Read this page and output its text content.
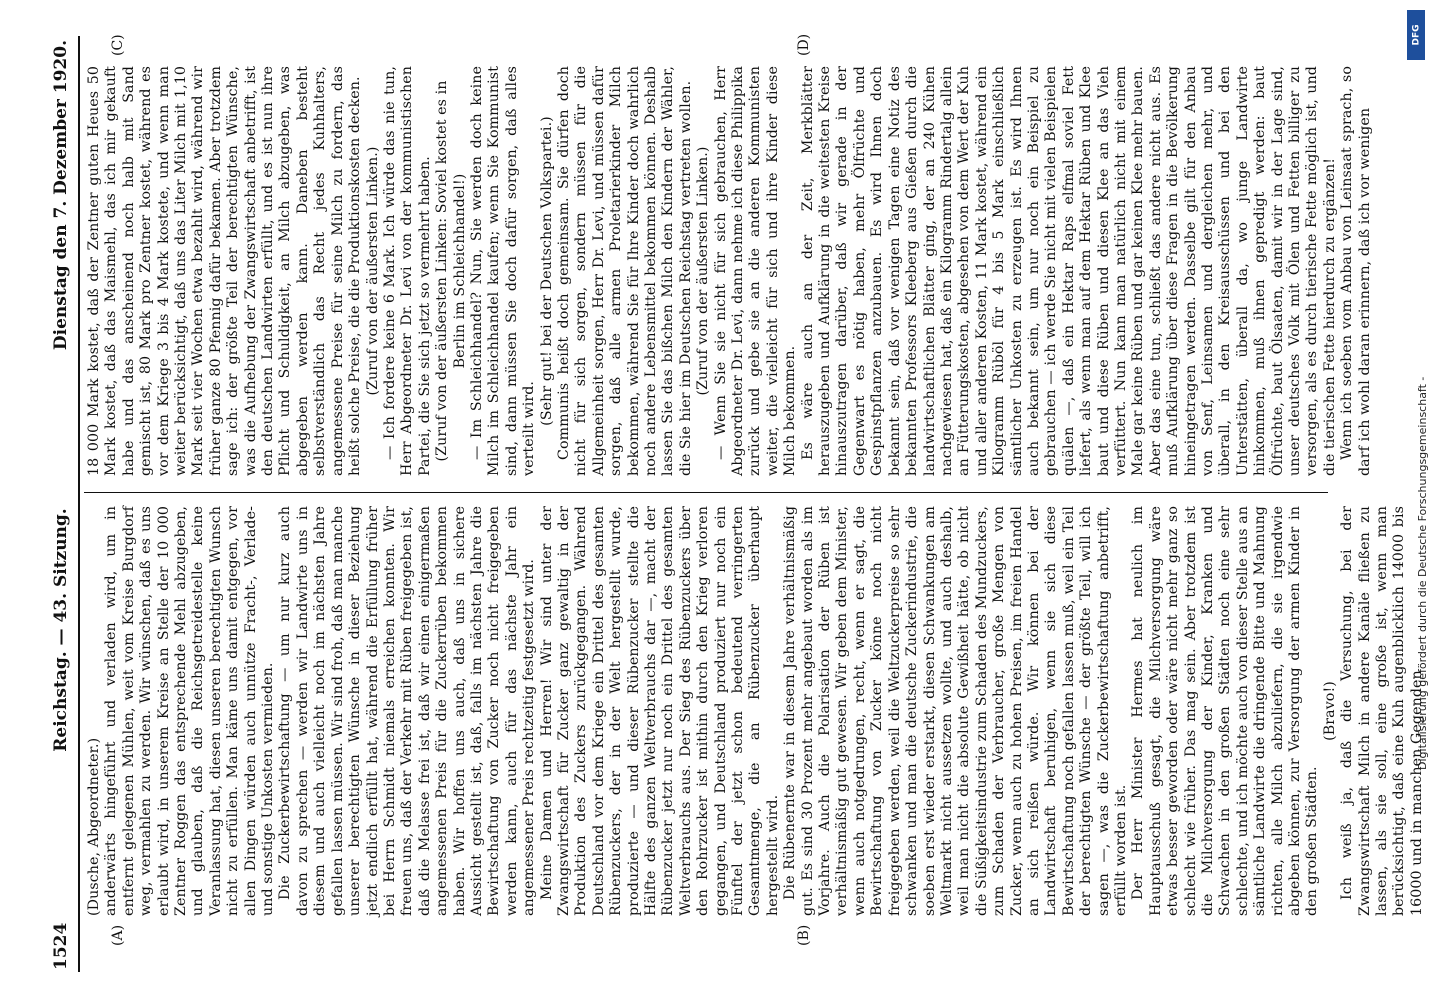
1524
Reichstag. — 43. Sitzung.
Dienstag den 7. Dezember 1920.
(A)	(B)
(C)	(D)

(Dusche, Abgeordneter.) anderwärts hingeführt und verladen wird, um in entfernt gelegenen Mühlen, weit vom Kreise Burgdorf weg, vermahlen zu werden. Wir wünschen, daß es uns erlaubt wird, in unserem Kreise an Stelle der 10 000 Zentner Roggen das entsprechende Mehl abzugeben, und glauben, daß die Reichsgetreidestelle keine Veranlassung hat, diesen unseren berechtigten Wunsch nicht zu erfüllen. Man käme uns damit entgegen, vor allen Dingen würden auch unnütze Fracht-, Verlade- und sonstige Unkosten vermieden. Die Zuckerbewirtschaftung — um nur kurz auch davon zu sprechen — werden wir Landwirte uns in diesem und auch vielleicht noch im nächsten Jahre gefallen lassen müssen. Wir sind froh, daß man manche unserer berechtigten Wünsche in dieser Beziehung jetzt endlich erfüllt hat, während die Erfüllung früher bei Herrn Schmidt niemals erreichen konnten. Wir freuen uns, daß der Verkehr mit Rüben freigegeben ist, daß die Melasse frei ist, daß wir einen einigermaßen angemessenen Preis für die Zuckerrüben bekommen haben. Wir hoffen uns auch, daß uns in sichere Aussicht gestellt ist, daß, falls im nächsten Jahre die Bewirtschaftung von Zucker noch nicht freigegeben werden kann, auch für das nächste Jahr ein angemessener Preis rechtzeitig festgesetzt wird. Meine Damen und Herren! Wir sind unter der Zwangswirtschaft für Zucker ganz gewaltig in der Produktion des Zuckers zurückgegangen. Während Deutschland vor dem Kriege ein Drittel des gesamten Rübenzuckers, der in der Welt hergestellt wurde, produzierte — und dieser Rübenzucker stellte die Hälfte des ganzen Weltverbrauchs dar —, macht der Rübenzucker jetzt nur noch ein Drittel des gesamten Weltverbrauchs aus. Der Sieg des Rübenzuckers über den Rohrzucker ist mithin durch den Krieg verloren gegangen, und Deutschland produziert nur noch ein Fünftel der jetzt schon bedeutend verringerten Gesamtmenge, die an Rübenzucker überhaupt hergestellt wird. Die Rübenernte war in diesem Jahre verhältnismäßig gut. Es sind 30 Prozent mehr angebaut worden als im Vorjahre. Auch die Polarisation der Rüben ist verhältnismäßig gut gewesen. Wir geben dem Minister, wenn auch notgedrungen, recht, wenn er sagt, die Bewirtschaftung von Zucker könne noch nicht freigegeben werden, weil die Weltzuckerpreise so sehr schwanken und man die deutsche Zuckerindustrie, die soeben erst wieder erstarkt, diesen Schwankungen am Weltmarkt nicht aussetzen wollte, und auch deshalb, weil man nicht die absolute Gewißheit hätte, ob nicht die Süßigkeitsindustrie zum Schaden des Mundzuckers, zum Schaden der Verbraucher, große Mengen von Zucker, wenn auch zu hohen Preisen, im freien Handel an sich reißen würde. Wir können bei der Landwirtschaft beruhigen, wenn sie sich diese Bewirtschaftung noch gefallen lassen muß, weil ein Teil der berechtigten Wünsche — der größte Teil, will ich sagen —, was die Zuckerbewirtschaftung anbetrifft, erfüllt worden ist. Der Herr Minister Hermes hat neulich im Hauptausschuß gesagt, die Milchversorgung wäre etwas besser geworden oder wäre nicht mehr ganz so schlecht wie früher. Das mag sein. Aber trotzdem ist die Milchversorgung der Kinder, Kranken und Schwachen in den großen Städten noch eine sehr schlechte, und ich möchte auch von dieser Stelle aus an sämtliche Landwirte die dringende Bitte und Mahnung richten, alle Milch abzuliefern, die sie irgendwie abgeben können, zur Versorgung der armen Kinder in den großen Städten.

(Bravo!) Ich weiß ja, daß die Versuchung, bei der Zwangswirtschaft Milch in andere Kanäle fließen zu lassen, als sie soll, eine große ist, wenn man berücksichtigt, daß eine Kuh augenblicklich 14000 bis 16000 und in manchen Gegenden

18 000 Mark kostet, daß der Zentner guten Heues 50 Mark kostet, daß das Maismehl, das ich mir gekauft habe und das anscheinend noch halb mit Sand gemischt ist, 80 Mark pro Zentner kostet, während es vor dem Kriege 3 bis 4 Mark kostete, und wenn man weiter berücksichtigt, daß uns das Liter Milch mit 1,10 Mark seit vier Wochen etwa bezahlt wird, während wir früher ganze 80 Pfennig dafür bekamen. Aber trotzdem sage ich: der größte Teil der berechtigten Wünsche, was die Aufhebung der Zwangswirtschaft anbetrifft, ist den deutschen Landwirten erfüllt, und es ist nun ihre Pflicht und Schuldigkeit, an Milch abzugeben, was abgegeben werden kann. Daneben besteht selbstverständlich das Recht jedes Kuhhalters, angemessene Preise für seine Milch zu fordern, das heißt solche Preise, die die Produktionskosten decken. (Zuruf von der äußersten Linken.) — Ich fordere keine 6 Mark. Ich würde das nie tun, Herr Abgeordneter Dr. Levi von der kommunistischen Partei, die Sie sich jetzt so vermehrt haben. (Zuruf von der äußersten Linken: Soviel kostet es in Berlin im Schleichhandel!) — Im Schleichhandel? Nun, Sie werden doch keine Milch im Schleichhandel kaufen; wenn Sie Kommunist sind, dann müssen Sie doch dafür sorgen, daß alles verteilt wird.

(Sehr gut! bei der Deutschen Volkspartei.) Communis heißt doch gemeinsam. Sie dürfen doch nicht für sich sorgen, sondern müssen für die Allgemeinheit sorgen, Herr Dr. Levi, und müssen dafür sorgen, daß alle armen Proletarierkinder Milch bekommen, während Sie für Ihre Kinder doch wahrlich noch andere Lebensmittel bekommen können. Deshalb lassen Sie das bißchen Milch den Kindern der Wähler, die Sie hier im Deutschen Reichstag vertreten wollen. (Zuruf von der äußersten Linken.) — Wenn Sie sie nicht für sich gebrauchen, Herr Abgeordneter Dr. Levi, dann nehme ich diese Philippika zurück und gebe sie an die anderen Kommunisten weiter, die vielleicht für sich und ihre Kinder diese Milch bekommen. Es wäre auch an der Zeit, Merkblätter herauszugeben und Aufklärung in die weitesten Kreise hinauszutragen darüber, daß wir gerade in der Gegenwart es nötig haben, mehr Ölfrüchte und Gespinstpflanzen anzubauen. Es wird Ihnen doch bekannt sein, daß vor wenigen Tagen eine Notiz des bekannten Professors Kleeberg aus Gießen durch die landwirtschaftlichen Blätter ging, der an 240 Kühen nachgewiesen hat, daß ein Kilogramm Rindertalg allein an Fütterungskosten, abgesehen von dem Wert der Kuh und aller anderen Kosten, 11 Mark kostet, während ein Kilogramm Rüböl für 4 bis 5 Mark einschließlich sämtlicher Unkosten zu erzeugen ist. Es wird Ihnen auch bekannt sein, um nur noch ein Beispiel zu gebrauchen — ich werde Sie nicht mit vielen Beispielen quälen —, daß ein Hektar Raps elfmal soviel Fett liefert, als wenn man auf dem Hektar Rüben und Klee baut und diese Rüben und diesen Klee an das Vieh verfüttert. Nun kann man natürlich nicht mit einem Male gar keine Rüben und gar keinen Klee mehr bauen. Aber das eine tun, schließt das andere nicht aus. Es muß Aufklärung über diese Fragen in die Bevölkerung hineingetragen werden. Dasselbe gilt für den Anbau von Senf, Leinsamen und dergleichen mehr, und überall, in den Kreisausschüssen und bei den Unterstätten, überall da, wo junge Landwirte hinkommen, muß ihnen gepredigt werden: baut Ölfrüchte, baut Ölsaaten, damit wir in der Lage sind, unser deutsches Volk mit Ölen und Fetten billiger zu versorgen, als es durch tierische Fette möglich ist, und die tierischen Fette hierdurch zu ergänzen! Wenn ich soeben vom Anbau von Leinsaat sprach, so darf ich wohl daran erinnern, daß ich vor wenigen

DFG
Digitalisierung gefördert durch die Deutsche Forschungsgemeinschaft -
